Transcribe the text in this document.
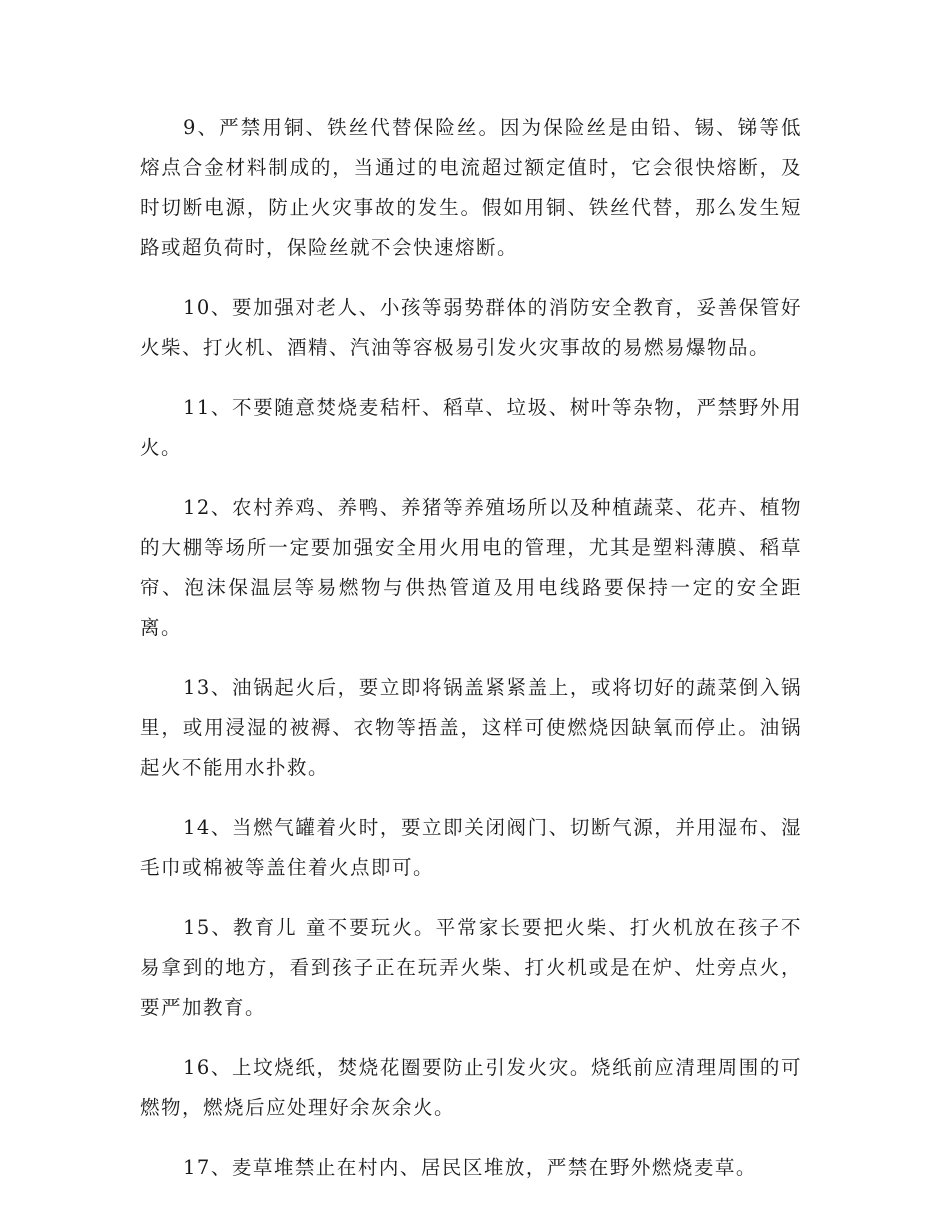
9、严禁用铜、铁丝代替保险丝。因为保险丝是由铅、锡、锑等低熔点合金材料制成的，当通过的电流超过额定值时，它会很快熔断，及时切断电源，防止火灾事故的发生。假如用铜、铁丝代替，那么发生短路或超负荷时，保险丝就不会快速熔断。

10、要加强对老人、小孩等弱势群体的消防安全教育，妥善保管好火柴、打火机、酒精、汽油等容极易引发火灾事故的易燃易爆物品。

11、不要随意焚烧麦秸杆、稻草、垃圾、树叶等杂物，严禁野外用火。

12、农村养鸡、养鸭、养猪等养殖场所以及种植蔬菜、花卉、植物的大棚等场所一定要加强安全用火用电的管理，尤其是塑料薄膜、稻草帘、泡沫保温层等易燃物与供热管道及用电线路要保持一定的安全距离。

13、油锅起火后，要立即将锅盖紧紧盖上，或将切好的蔬菜倒入锅里，或用浸湿的被褥、衣物等捂盖，这样可使燃烧因缺氧而停止。油锅起火不能用水扑救。

14、当燃气罐着火时，要立即关闭阀门、切断气源，并用湿布、湿毛巾或棉被等盖住着火点即可。

15、教育儿 童不要玩火。平常家长要把火柴、打火机放在孩子不易拿到的地方，看到孩子正在玩弄火柴、打火机或是在炉、灶旁点火，要严加教育。

16、上坟烧纸，焚烧花圈要防止引发火灾。烧纸前应清理周围的可燃物，燃烧后应处理好余灰余火。

17、麦草堆禁止在村内、居民区堆放，严禁在野外燃烧麦草。
